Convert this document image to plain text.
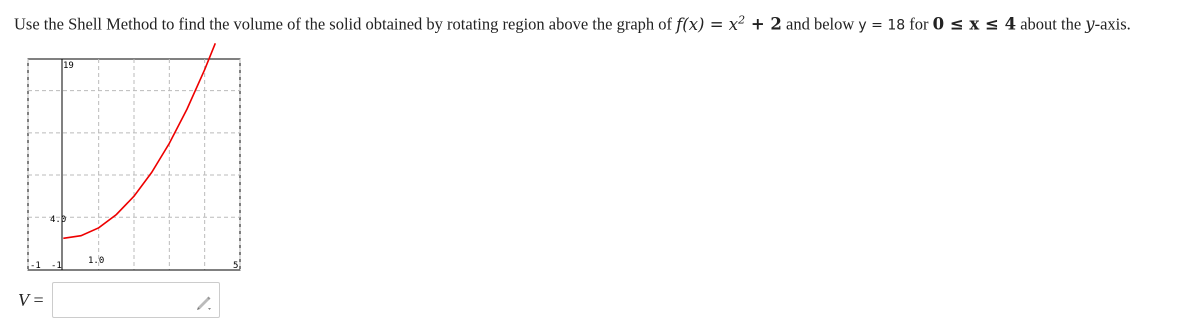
Use the Shell Method to find the volume of the solid obtained by rotating region above the graph of $f(x) = x^2 + 2$ and below y = 18 for 0 ≤ x ≤ 4 about the y-axis.
19
4.0
1.0
-1 -1	5
V =
